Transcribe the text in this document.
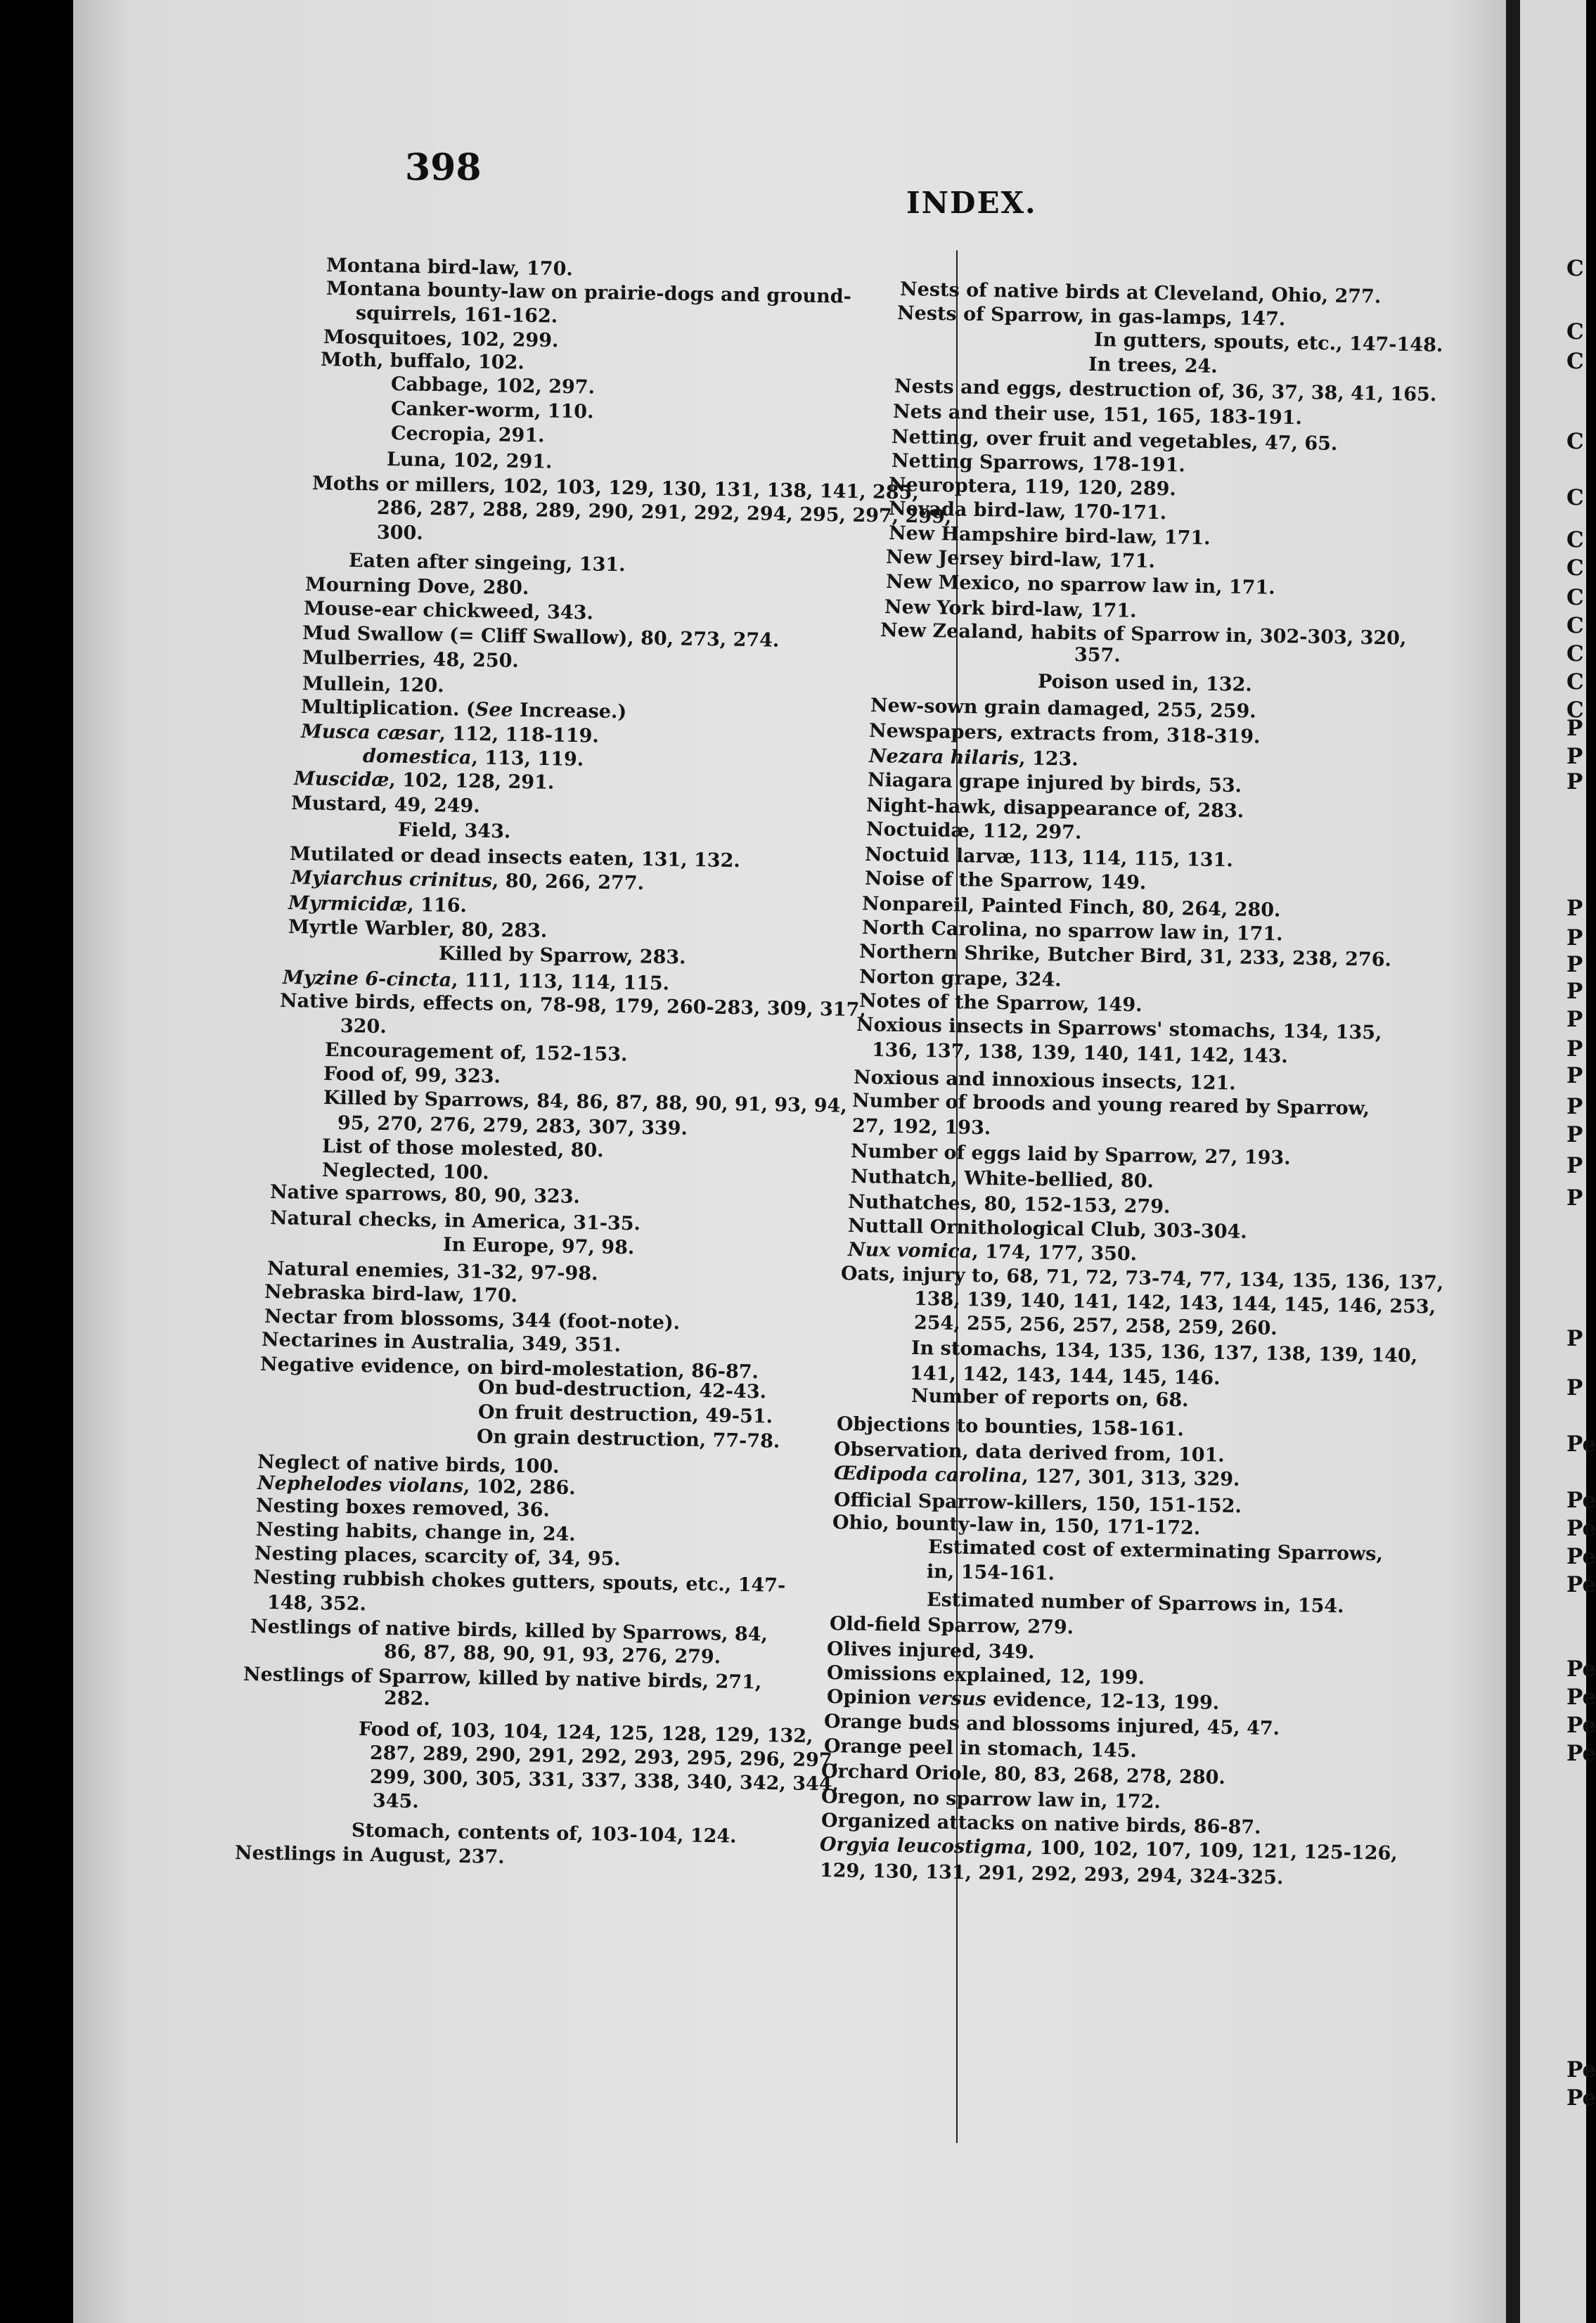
398
INDEX.
Montana bird-law, 170.
Montana bounty-law on prairie-dogs and ground-
squirrels, 161-162.
Mosquitoes, 102, 299.
Moth, buffalo, 102.
Cabbage, 102, 297.
Canker-worm, 110.
Cecropia, 291.
Luna, 102, 291.
Moths or millers, 102, 103, 129, 130, 131, 138, 141, 285,
286, 287, 288, 289, 290, 291, 292, 294, 295, 297, 299,
300.
Eaten after singeing, 131.
Mourning Dove, 280.
Mouse-ear chickweed, 343.
Mud Swallow (= Cliff Swallow), 80, 273, 274.
Mulberries, 48, 250.
Mullein, 120.
Multiplication. (See Increase.)
Musca cæsar, 112, 118-119.
domestica, 113, 119.
Muscidæ, 102, 128, 291.
Mustard, 49, 249.
Field, 343.
Mutilated or dead insects eaten, 131, 132.
Myiarchus crinitus, 80, 266, 277.
Myrmicidæ, 116.
Myrtle Warbler, 80, 283.
Killed by Sparrow, 283.
Myzine 6-cincta, 111, 113, 114, 115.
Native birds, effects on, 78-98, 179, 260-283, 309, 317,
320.
Encouragement of, 152-153.
Food of, 99, 323.
Killed by Sparrows, 84, 86, 87, 88, 90, 91, 93, 94,
95, 270, 276, 279, 283, 307, 339.
List of those molested, 80.
Neglected, 100.
Native sparrows, 80, 90, 323.
Natural checks, in America, 31-35.
In Europe, 97, 98.
Natural enemies, 31-32, 97-98.
Nebraska bird-law, 170.
Nectar from blossoms, 344 (foot-note).
Nectarines in Australia, 349, 351.
Negative evidence, on bird-molestation, 86-87.
On bud-destruction, 42-43.
On fruit destruction, 49-51.
On grain destruction, 77-78.
Neglect of native birds, 100.
Nephelodes violans, 102, 286.
Nesting boxes removed, 36.
Nesting habits, change in, 24.
Nesting places, scarcity of, 34, 95.
Nesting rubbish chokes gutters, spouts, etc., 147-
148, 352.
Nestlings of native birds, killed by Sparrows, 84,
86, 87, 88, 90, 91, 93, 276, 279.
Nestlings of Sparrow, killed by native birds, 271,
282.
Food of, 103, 104, 124, 125, 128, 129, 132,
287, 289, 290, 291, 292, 293, 295, 296, 297,
299, 300, 305, 331, 337, 338, 340, 342, 344,
345.
Stomach, contents of, 103-104, 124.
Nestlings in August, 237.
Nests of native birds at Cleveland, Ohio, 277.
Nests of Sparrow, in gas-lamps, 147.
In gutters, spouts, etc., 147-148.
In trees, 24.
Nests and eggs, destruction of, 36, 37, 38, 41, 165.
Nets and their use, 151, 165, 183-191.
Netting, over fruit and vegetables, 47, 65.
Netting Sparrows, 178-191.
Neuroptera, 119, 120, 289.
Nevada bird-law, 170-171.
New Hampshire bird-law, 171.
New Jersey bird-law, 171.
New Mexico, no sparrow law in, 171.
New York bird-law, 171.
New Zealand, habits of Sparrow in, 302-303, 320,
357.
Poison used in, 132.
New-sown grain damaged, 255, 259.
Newspapers, extracts from, 318-319.
Nezara hilaris, 123.
Niagara grape injured by birds, 53.
Night-hawk, disappearance of, 283.
Noctuidæ, 112, 297.
Noctuid larvæ, 113, 114, 115, 131.
Noise of the Sparrow, 149.
Nonpareil, Painted Finch, 80, 264, 280.
North Carolina, no sparrow law in, 171.
Northern Shrike, Butcher Bird, 31, 233, 238, 276.
Norton grape, 324.
Notes of the Sparrow, 149.
Noxious insects in Sparrows' stomachs, 134, 135,
136, 137, 138, 139, 140, 141, 142, 143.
Noxious and innoxious insects, 121.
Number of broods and young reared by Sparrow,
27, 192, 193.
Number of eggs laid by Sparrow, 27, 193.
Nuthatch, White-bellied, 80.
Nuthatches, 80, 152-153, 279.
Nuttall Ornithological Club, 303-304.
Nux vomica, 174, 177, 350.
Oats, injury to, 68, 71, 72, 73-74, 77, 134, 135, 136, 137,
138, 139, 140, 141, 142, 143, 144, 145, 146, 253,
254, 255, 256, 257, 258, 259, 260.
In stomachs, 134, 135, 136, 137, 138, 139, 140,
141, 142, 143, 144, 145, 146.
Number of reports on, 68.
Objections to bounties, 158-161.
Observation, data derived from, 101.
Œdipoda carolina, 127, 301, 313, 329.
Official Sparrow-killers, 150, 151-152.
Ohio, bounty-law in, 150, 171-172.
Estimated cost of exterminating Sparrows,
in, 154-161.
Estimated number of Sparrows in, 154.
Old-field Sparrow, 279.
Olives injured, 349.
Omissions explained, 12, 199.
Opinion versus evidence, 12-13, 199.
Orange buds and blossoms injured, 45, 47.
Orange peel in stomach, 145.
Orchard Oriole, 80, 83, 268, 278, 280.
Oregon, no sparrow law in, 172.
Organized attacks on native birds, 86-87.
Orgyia leucostigma, 100, 102, 107, 109, 121, 125-126,
129, 130, 131, 291, 292, 293, 294, 324-325.
C
C
C
C
C
C
C
C
C
C
C
C
P
P
P
P
P
P
P
P
P
P
P
P
P
P
P
P
Pe
Pe
Pe
Pe
Pe
Pe
Pe
Pe
Pe
Pe
Pe
